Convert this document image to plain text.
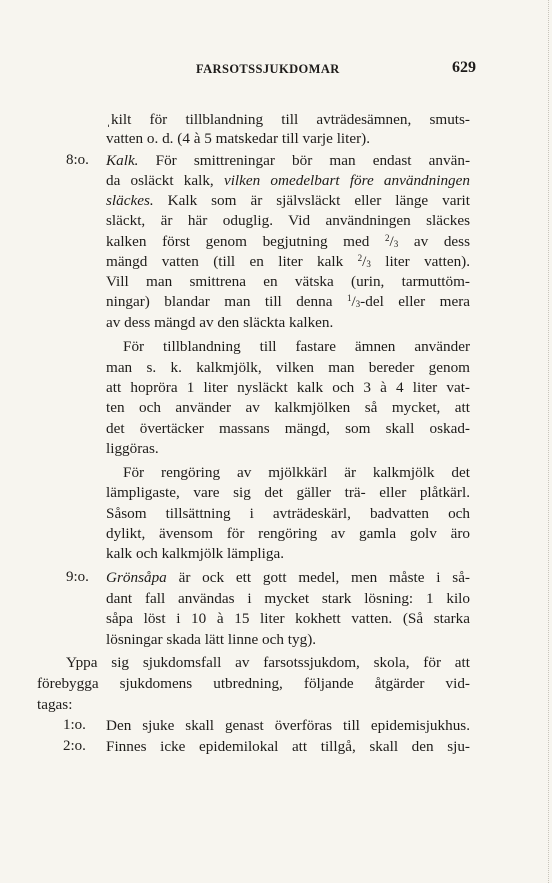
FARSOTSSJUKDOMAR	629
ˌkilt för tillblandning till avträdesämnen, smuts-
vatten o. d. (4 à 5 matskedar till varje liter).
8:o. Kalk. För smittreningar bör man endast använ-
da osläckt kalk, vilken omedelbart före användningen
släckes. Kalk som är självsläckt eller länge varit
släckt, är här oduglig. Vid användningen släckes
kalken först genom begjutning med $^2/_3$ av dess
mängd vatten (till en liter kalk $^2/_3$ liter vatten).
Vill man smittrena en vätska (urin, tarmuttöm-
ningar) blandar man till denna $^1/_3$-del eller mera
av dess mängd av den släckta kalken.
För tillblandning till fastare ämnen använder
man s. k. kalkmjölk, vilken man bereder genom
att hopröra 1 liter nysläckt kalk och 3 à 4 liter vat-
ten och använder av kalkmjölken så mycket, att
det övertäcker massans mängd, som skall oskad-
liggöras.
För rengöring av mjölkkärl är kalkmjölk det
lämpligaste, vare sig det gäller trä- eller plåtkärl.
Såsom tillsättning i avträdeskärl, badvatten och
dylikt, ävensom för rengöring av gamla golv äro
kalk och kalkmjölk lämpliga.
9:o. Grönsåpa är ock ett gott medel, men måste i så-
dant fall användas i mycket stark lösning: 1 kilo
såpa löst i 10 à 15 liter kokhett vatten. (Så starka
lösningar skada lätt linne och tyg).
Yppa sig sjukdomsfall av farsotssjukdom, skola, för att
förebygga sjukdomens utbredning, följande åtgärder vid-
tagas:
1:o. Den sjuke skall genast överföras till epidemisjukhus.
2:o. Finnes icke epidemilokal att tillgå, skall den sju-
